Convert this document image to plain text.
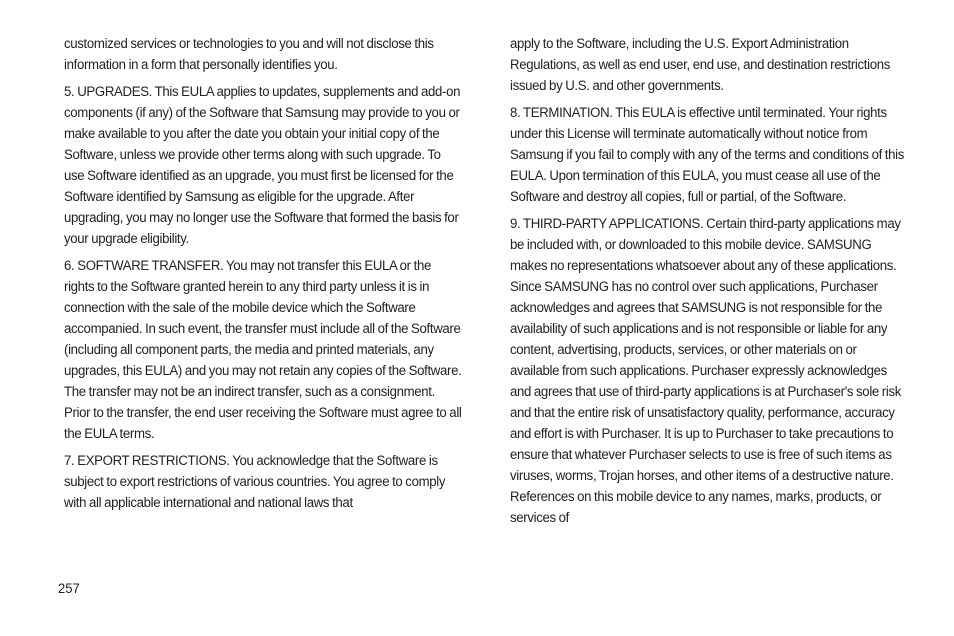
customized services or technologies to you and will not disclose this information in a form that personally identifies you.

5. UPGRADES. This EULA applies to updates, supplements and add-on components (if any) of the Software that Samsung may provide to you or make available to you after the date you obtain your initial copy of the Software, unless we provide other terms along with such upgrade. To use Software identified as an upgrade, you must first be licensed for the Software identified by Samsung as eligible for the upgrade. After upgrading, you may no longer use the Software that formed the basis for your upgrade eligibility.

6. SOFTWARE TRANSFER. You may not transfer this EULA or the rights to the Software granted herein to any third party unless it is in connection with the sale of the mobile device which the Software accompanied. In such event, the transfer must include all of the Software (including all component parts, the media and printed materials, any upgrades, this EULA) and you may not retain any copies of the Software. The transfer may not be an indirect transfer, such as a consignment. Prior to the transfer, the end user receiving the Software must agree to all the EULA terms.

7. EXPORT RESTRICTIONS. You acknowledge that the Software is subject to export restrictions of various countries. You agree to comply with all applicable international and national laws that

apply to the Software, including the U.S. Export Administration Regulations, as well as end user, end use, and destination restrictions issued by U.S. and other governments.

8. TERMINATION. This EULA is effective until terminated. Your rights under this License will terminate automatically without notice from Samsung if you fail to comply with any of the terms and conditions of this EULA. Upon termination of this EULA, you must cease all use of the Software and destroy all copies, full or partial, of the Software.

9. THIRD-PARTY APPLICATIONS. Certain third-party applications may be included with, or downloaded to this mobile device. SAMSUNG makes no representations whatsoever about any of these applications. Since SAMSUNG has no control over such applications, Purchaser acknowledges and agrees that SAMSUNG is not responsible for the availability of such applications and is not responsible or liable for any content, advertising, products, services, or other materials on or available from such applications. Purchaser expressly acknowledges and agrees that use of third-party applications is at Purchaser's sole risk and that the entire risk of unsatisfactory quality, performance, accuracy and effort is with Purchaser. It is up to Purchaser to take precautions to ensure that whatever Purchaser selects to use is free of such items as viruses, worms, Trojan horses, and other items of a destructive nature. References on this mobile device to any names, marks, products, or services of

257
